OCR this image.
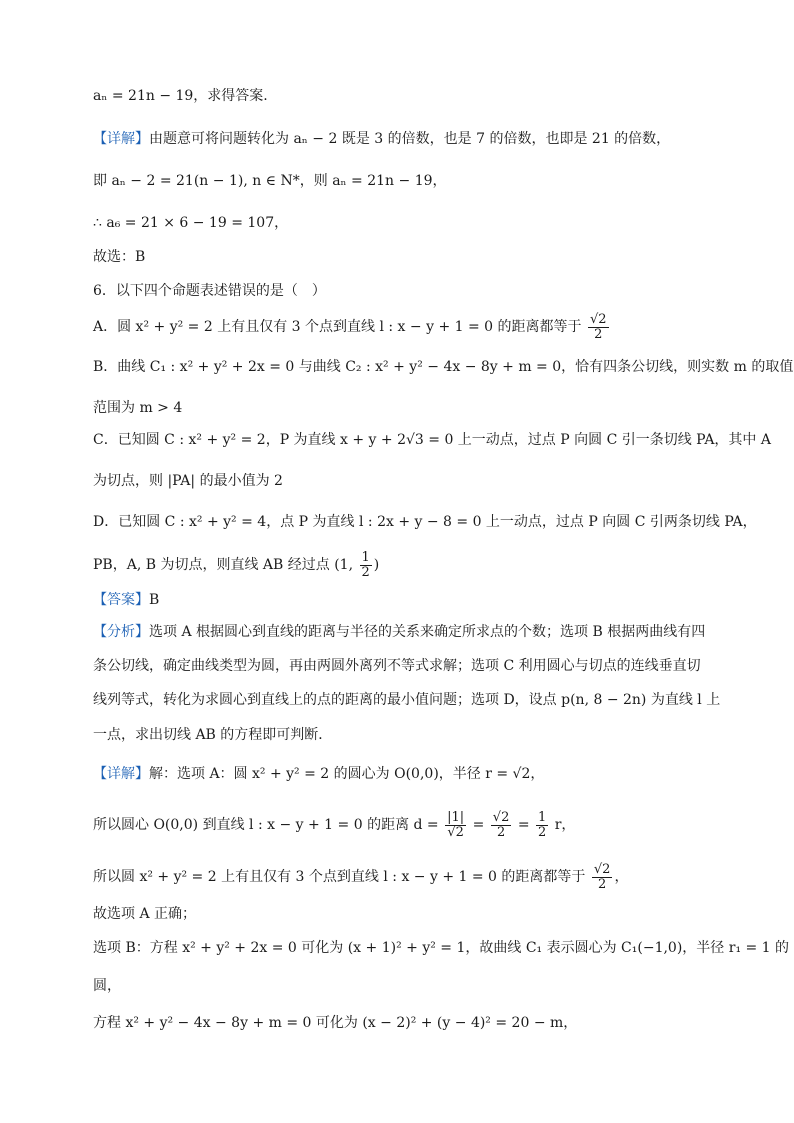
aₙ = 21n − 19，求得答案.
【详解】由题意可将问题转化为 aₙ − 2 既是 3 的倍数，也是 7 的倍数，也即是 21 的倍数，
即 aₙ − 2 = 21(n − 1), n ∈ N*，则 aₙ = 21n − 19，
∴ a₆ = 21 × 6 − 19 = 107，
故选：B
6．以下四个命题表述错误的是（　）
A．圆 x² + y² = 2 上有且仅有 3 个点到直线 l : x − y + 1 = 0 的距离都等于 $\frac{√2}{2}$
B．曲线 C₁ : x² + y² + 2x = 0 与曲线 C₂ : x² + y² − 4x − 8y + m = 0，恰有四条公切线，则实数 m 的取值
范围为 m > 4
C．已知圆 C : x² + y² = 2，P 为直线 x + y + 2√3 = 0 上一动点，过点 P 向圆 C 引一条切线 PA，其中 A
为切点，则 |PA| 的最小值为 2
D．已知圆 C : x² + y² = 4，点 P 为直线 l : 2x + y − 8 = 0 上一动点，过点 P 向圆 C 引两条切线 PA，
PB，A, B 为切点，则直线 AB 经过点 (1, $\frac{1}{2}$ )
【答案】B
【分析】选项 A 根据圆心到直线的距离与半径的关系来确定所求点的个数；选项 B 根据两曲线有四
条公切线，确定曲线类型为圆，再由两圆外离列不等式求解；选项 C 利用圆心与切点的连线垂直切
线列等式，转化为求圆心到直线上的点的距离的最小值问题；选项 D，设点 p(n, 8 − 2n) 为直线 l 上
一点，求出切线 AB 的方程即可判断．
【详解】解：选项 A：圆 x² + y² = 2 的圆心为 O(0,0)，半径 r = √2，
所以圆心 O(0,0) 到直线 l : x − y + 1 = 0 的距离 $d = \frac{|1|}{√2} = \frac{√2}{2} = \frac{1}{2}$ r，
所以圆 x² + y² = 2 上有且仅有 3 个点到直线 l : x − y + 1 = 0 的距离都等于 $\frac{√2}{2}$ ，
故选项 A 正确；
选项 B：方程 x² + y² + 2x = 0 可化为 (x + 1)² + y² = 1，故曲线 C₁ 表示圆心为 C₁(−1,0)，半径 r₁ = 1 的
圆，
方程 x² + y² − 4x − 8y + m = 0 可化为 (x − 2)² + (y − 4)² = 20 − m，
